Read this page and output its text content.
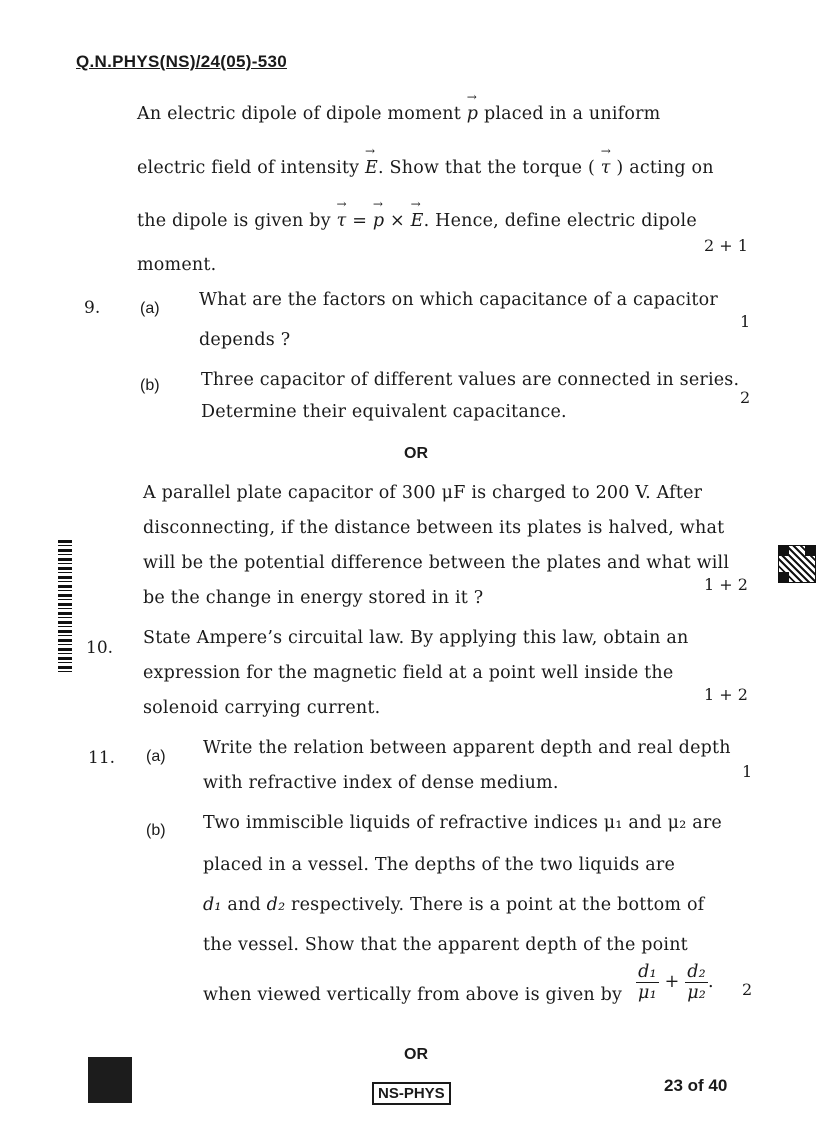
Q.N.PHYS(NS)/24(05)-530
An electric dipole of dipole moment → p placed in a uniform
electric field of intensity → E. Show that the torque ( → τ ) acting on
the dipole is given by → τ = → p × → E. Hence, define electric dipole
2 + 1
moment.
9. (a) What are the factors on which capacitance of a capacitor
1
depends ?
(b) Three capacitor of different values are connected in series.
2
Determine their equivalent capacitance.
OR
A parallel plate capacitor of 300 μF is charged to 200 V. After
disconnecting, if the distance between its plates is halved, what
will be the potential difference between the plates and what will
1 + 2
be the change in energy stored in it ?
10. State Ampere’s circuital law. By applying this law, obtain an
expression for the magnetic field at a point well inside the
1 + 2
solenoid carrying current.
11. (a) Write the relation between apparent depth and real depth
1
with refractive index of dense medium.
(b) Two immiscible liquids of refractive indices μ₁ and μ₂ are
placed in a vessel. The depths of the two liquids are
d₁ and d₂ respectively. There is a point at the bottom of
the vessel. Show that the apparent depth of the point
when viewed vertically from above is given by $\frac{\text{d₁}}{\text{μ₁}} + \frac{\text{d₂}}{\text{μ₂}}$ . 2
OR
NS-PHYS	23 of 40
